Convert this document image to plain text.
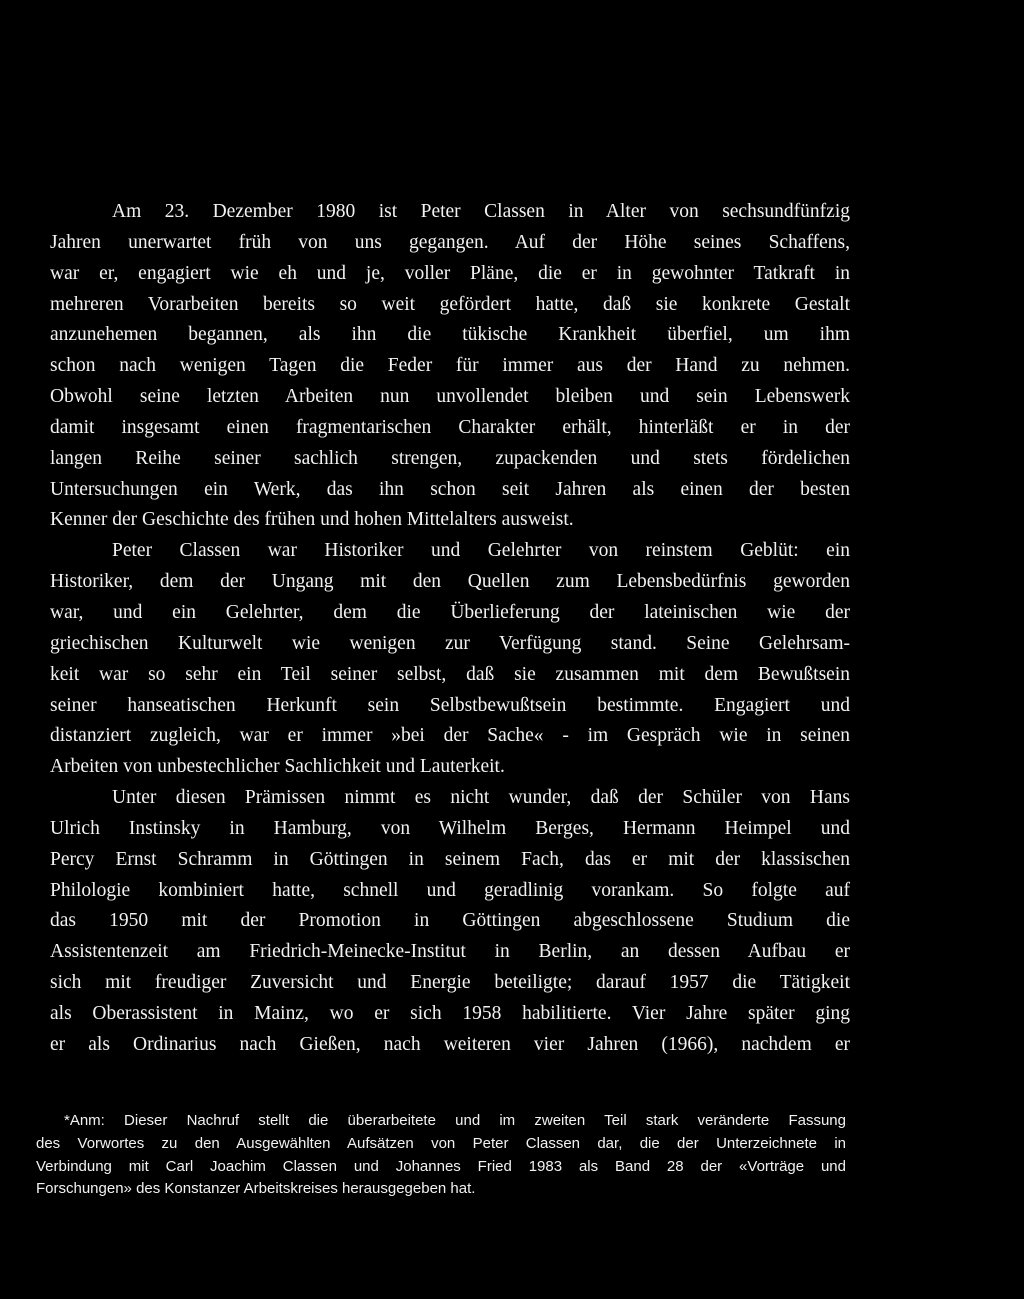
Am 23. Dezember 1980 ist Peter Classen in Alter von sechsundfünfzig
Jahren unerwartet früh von uns gegangen. Auf der Höhe seines Schaffens,
war er, engagiert wie eh und je, voller Pläne, die er in gewohnter Tatkraft in
mehreren Vorarbeiten bereits so weit gefördert hatte, daß sie konkrete Gestalt
anzunehemen begannen, als ihn die tükische Krankheit überfiel, um ihm
schon nach wenigen Tagen die Feder für immer aus der Hand zu nehmen.
Obwohl seine letzten Arbeiten nun unvollendet bleiben und sein Lebenswerk
damit insgesamt einen fragmentarischen Charakter erhält, hinterläßt er in der
langen Reihe seiner sachlich strengen, zupackenden und stets fördelichen
Untersuchungen ein Werk, das ihn schon seit Jahren als einen der besten
Kenner der Geschichte des frühen und hohen Mittelalters ausweist.
Peter Classen war Historiker und Gelehrter von reinstem Geblüt: ein
Historiker, dem der Ungang mit den Quellen zum Lebensbedürfnis geworden
war, und ein Gelehrter, dem die Überlieferung der lateinischen wie der
griechischen Kulturwelt wie wenigen zur Verfügung stand. Seine Gelehrsam-
keit war so sehr ein Teil seiner selbst, daß sie zusammen mit dem Bewußtsein
seiner hanseatischen Herkunft sein Selbstbewußtsein bestimmte. Engagiert und
distanziert zugleich, war er immer »bei der Sache« - im Gespräch wie in seinen
Arbeiten von unbestechlicher Sachlichkeit und Lauterkeit.
Unter diesen Prämissen nimmt es nicht wunder, daß der Schüler von Hans
Ulrich Instinsky in Hamburg, von Wilhelm Berges, Hermann Heimpel und
Percy Ernst Schramm in Göttingen in seinem Fach, das er mit der klassischen
Philologie kombiniert hatte, schnell und geradlinig vorankam. So folgte auf
das 1950 mit der Promotion in Göttingen abgeschlossene Studium die
Assistentenzeit am Friedrich-Meinecke-Institut in Berlin, an dessen Aufbau er
sich mit freudiger Zuversicht und Energie beteiligte; darauf 1957 die Tätigkeit
als Oberassistent in Mainz, wo er sich 1958 habilitierte. Vier Jahre später ging
er als Ordinarius nach Gießen, nach weiteren vier Jahren (1966), nachdem er
*Anm: Dieser Nachruf stellt die überarbeitete und im zweiten Teil stark veränderte Fassung
des Vorwortes zu den Ausgewählten Aufsätzen von Peter Classen dar, die der Unterzeichnete in
Verbindung mit Carl Joachim Classen und Johannes Fried 1983 als Band 28 der «Vorträge und
Forschungen» des Konstanzer Arbeitskreises herausgegeben hat.
